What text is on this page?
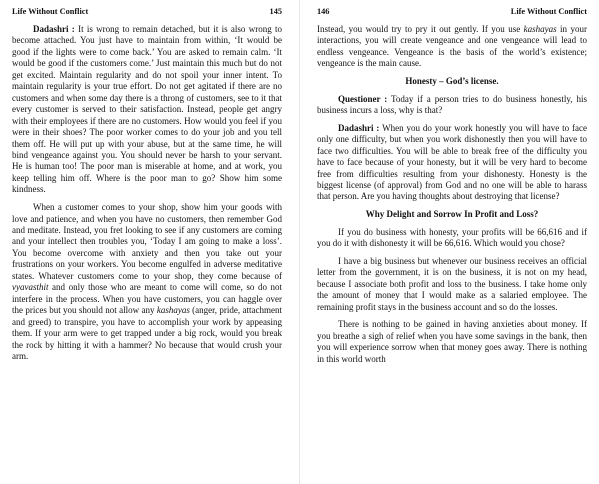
Life Without Conflict	145

Dadashri : It is wrong to remain detached, but it is also wrong to become attached. You just have to maintain from within, ‘It would be good if the lights were to come back.’ You are asked to remain calm. ‘It would be good if the customers come.’ Just maintain this much but do not get excited. Maintain regularity and do not spoil your inner intent. To maintain regularity is your true effort. Do not get agitated if there are no customers and when some day there is a throng of customers, see to it that every customer is served to their satisfaction. Instead, people get angry with their employees if there are no customers. How would you feel if you were in their shoes? The poor worker comes to do your job and you tell them off. He will put up with your abuse, but at the same time, he will bind vengeance against you. You should never be harsh to your servant. He is human too! The poor man is miserable at home, and at work, you keep telling him off. Where is the poor man to go? Show him some kindness.

When a customer comes to your shop, show him your goods with love and patience, and when you have no customers, then remember God and meditate. Instead, you fret looking to see if any customers are coming and your intellect then troubles you, ‘Today I am going to make a loss’. You become overcome with anxiety and then you take out your frustrations on your workers. You become engulfed in adverse meditative states. Whatever customers come to your shop, they come because of vyavasthit and only those who are meant to come will come, so do not interfere in the process. When you have customers, you can haggle over the prices but you should not allow any kashayas (anger, pride, attachment and greed) to transpire, you have to accomplish your work by appeasing them. If your arm were to get trapped under a big rock, would you break the rock by hitting it with a hammer? No because that would crush your arm.

146	Life Without Conflict

Instead, you would try to pry it out gently. If you use kashayas in your interactions, you will create vengeance and one vengeance will lead to endless vengeance. Vengeance is the basis of the world’s existence; vengeance is the main cause.

Honesty – God’s license.

Questioner : Today if a person tries to do business honestly, his business incurs a loss, why is that?

Dadashri : When you do your work honestly you will have to face only one difficulty, but when you work dishonestly then you will have to face two difficulties. You will be able to break free of the difficulty you have to face because of your honesty, but it will be very hard to become free from difficulties resulting from your dishonesty. Honesty is the biggest license (of approval) from God and no one will be able to harass that person. Are you having thoughts about destroying that license?

Why Delight and Sorrow In Profit and Loss?

If you do business with honesty, your profits will be 66,616 and if you do it with dishonesty it will be 66,616. Which would you chose?

I have a big business but whenever our business receives an official letter from the government, it is on the business, it is not on my head, because I associate both profit and loss to the business. I take home only the amount of money that I would make as a salaried employee. The remaining profit stays in the business account and so do the losses.

There is nothing to be gained in having anxieties about money. If you breathe a sigh of relief when you have some savings in the bank, then you will experience sorrow when that money goes away. There is nothing in this world worth
